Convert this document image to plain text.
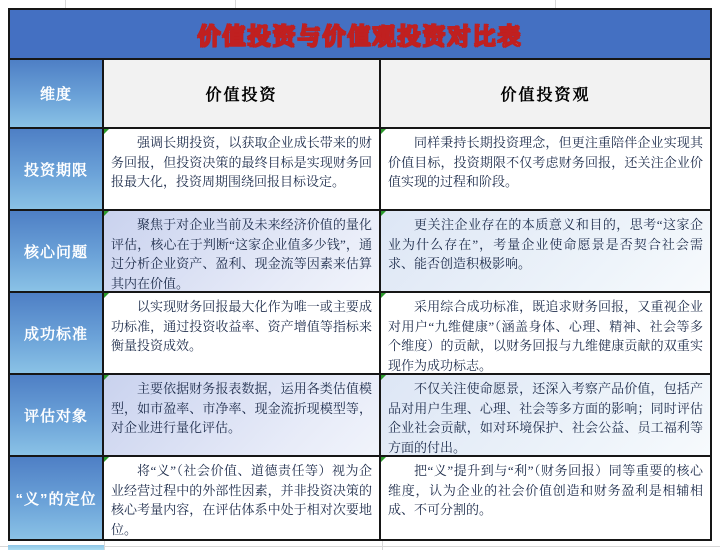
价值投资与价值观投资对比表
维度	价值投资	价值投资观
投资期限

强调长期投资，以获取企业成长带来的财务回报，但投资决策的最终目标是实现财务回报最大化，投资周期围绕回报目标设定。

同样秉持长期投资理念，但更注重陪伴企业实现其价值目标，投资期限不仅考虑财务回报，还关注企业价值实现的过程和阶段。

核心问题

聚焦于对企业当前及未来经济价值的量化评估，核心在于判断“这家企业值多少钱”，通过分析企业资产、盈利、现金流等因素来估算其内在价值。

更关注企业存在的本质意义和目的，思考“这家企业为什么存在”，考量企业使命愿景是否契合社会需求、能否创造积极影响。

成功标准

以实现财务回报最大化作为唯一或主要成功标准，通过投资收益率、资产增值等指标来衡量投资成效。

采用综合成功标准，既追求财务回报，又重视企业对用户“九维健康”（涵盖身体、心理、精神、社会等多个维度）的贡献，以财务回报与九维健康贡献的双重实现作为成功标志。

评估对象

主要依据财务报表数据，运用各类估值模型，如市盈率、市净率、现金流折现模型等，对企业进行量化评估。

不仅关注使命愿景，还深入考察产品价值，包括产品对用户生理、心理、社会等多方面的影响；同时评估企业社会贡献，如对环境保护、社会公益、员工福利等方面的付出。

“义”的定位

将“义”（社会价值、道德责任等）视为企业经营过程中的外部性因素，并非投资决策的核心考量内容，在评估体系中处于相对次要地位。

把“义”提升到与“利”（财务回报）同等重要的核心维度，认为企业的社会价值创造和财务盈利是相辅相成、不可分割的。
